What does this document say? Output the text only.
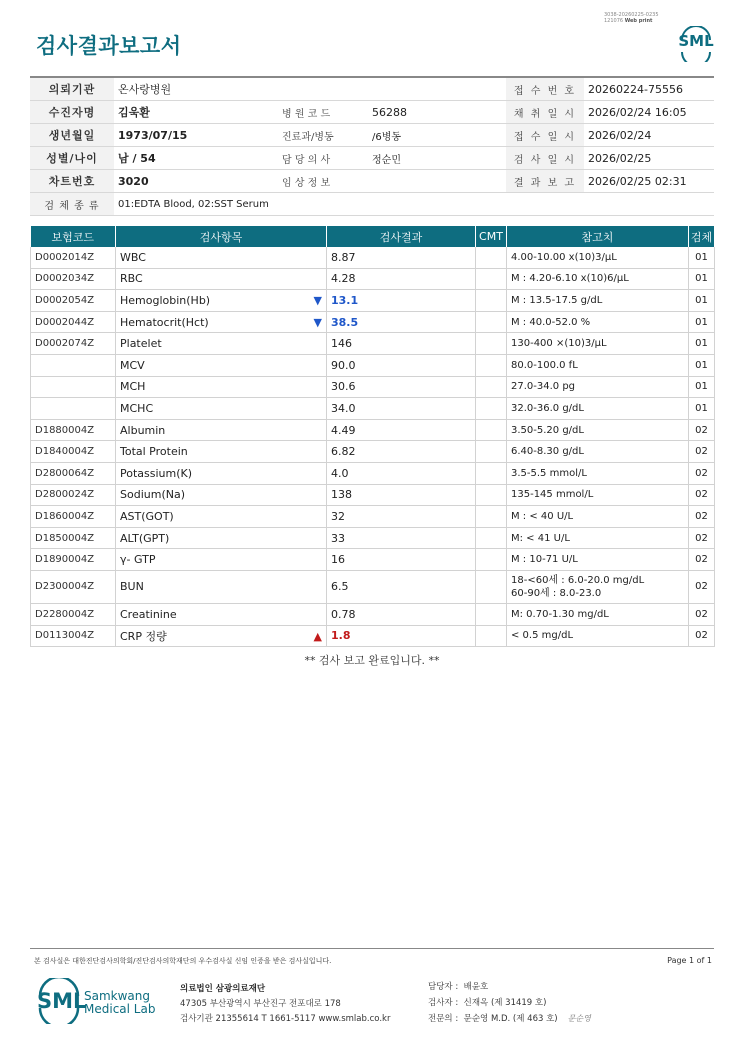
검사결과보고서
3038-20260225-0235
121076 Web print
SML
의뢰기관	온사랑병원			접 수 번 호	20260224-75556
수진자명	김욱환	병 원 코 드	56288	채 취 일 시	2026/02/24 16:05
생년월일	1973/07/15	진료과/병동	/6병동	접 수 일 시	2026/02/24
성별/나이	남 / 54	담 당 의 사	정순민	검 사 일 시	2026/02/25
차트번호	3020	임 상 정 보		결 과 보 고	2026/02/25 02:31
검 체 종 류	01:EDTA Blood, 02:SST Serum				
보험코드	검사항목	검사결과	CMT	참고치	검체
D0002014Z	WBC	8.87		4.00-10.00 x(10)3/µL	01
D0002034Z	RBC	4.28		M : 4.20-6.10 x(10)6/µL	01
D0002054Z	Hemoglobin(Hb) ▼	13.1		M : 13.5-17.5 g/dL	01
D0002044Z	Hematocrit(Hct) ▼	38.5		M : 40.0-52.0 %	01
D0002074Z	Platelet	146		130-400 ×(10)3/µL	01
	MCV	90.0		80.0-100.0 fL	01
	MCH	30.6		27.0-34.0 pg	01
	MCHC	34.0		32.0-36.0 g/dL	01
D1880004Z	Albumin	4.49		3.50-5.20 g/dL	02
D1840004Z	Total Protein	6.82		6.40-8.30 g/dL	02
D2800064Z	Potassium(K)	4.0		3.5-5.5 mmol/L	02
D2800024Z	Sodium(Na)	138		135-145 mmol/L	02
D1860004Z	AST(GOT)	32		M : < 40 U/L	02
D1850004Z	ALT(GPT)	33		M: < 41 U/L	02
D1890004Z	γ- GTP	16		M : 10-71 U/L	02
D2300004Z	BUN	6.5		18-<60세 : 6.0-20.0 mg/dL
60-90세 : 8.0-23.0	02
D2280004Z	Creatinine	0.78		M: 0.70-1.30 mg/dL	02
D0113004Z	CRP 정량 ▲	1.8		< 0.5 mg/dL	02
** 검사 보고 완료입니다. **
본 검사실은 대한진단검사의학회/진단검사의학재단의 우수검사실 신임 인증을 받은 검사실입니다.	Page 1 of 1
SML
Samkwang
Medical Lab
의료법인 삼광의료재단
47305 부산광역시 부산진구 전포대로 178
검사기관 21355614 T 1661-5117 www.smlab.co.kr
담당자 : 배윤호
검사자 : 신재옥 (제 31419 호)
전문의 : 문순영 M.D. (제 463 호) 문순영
